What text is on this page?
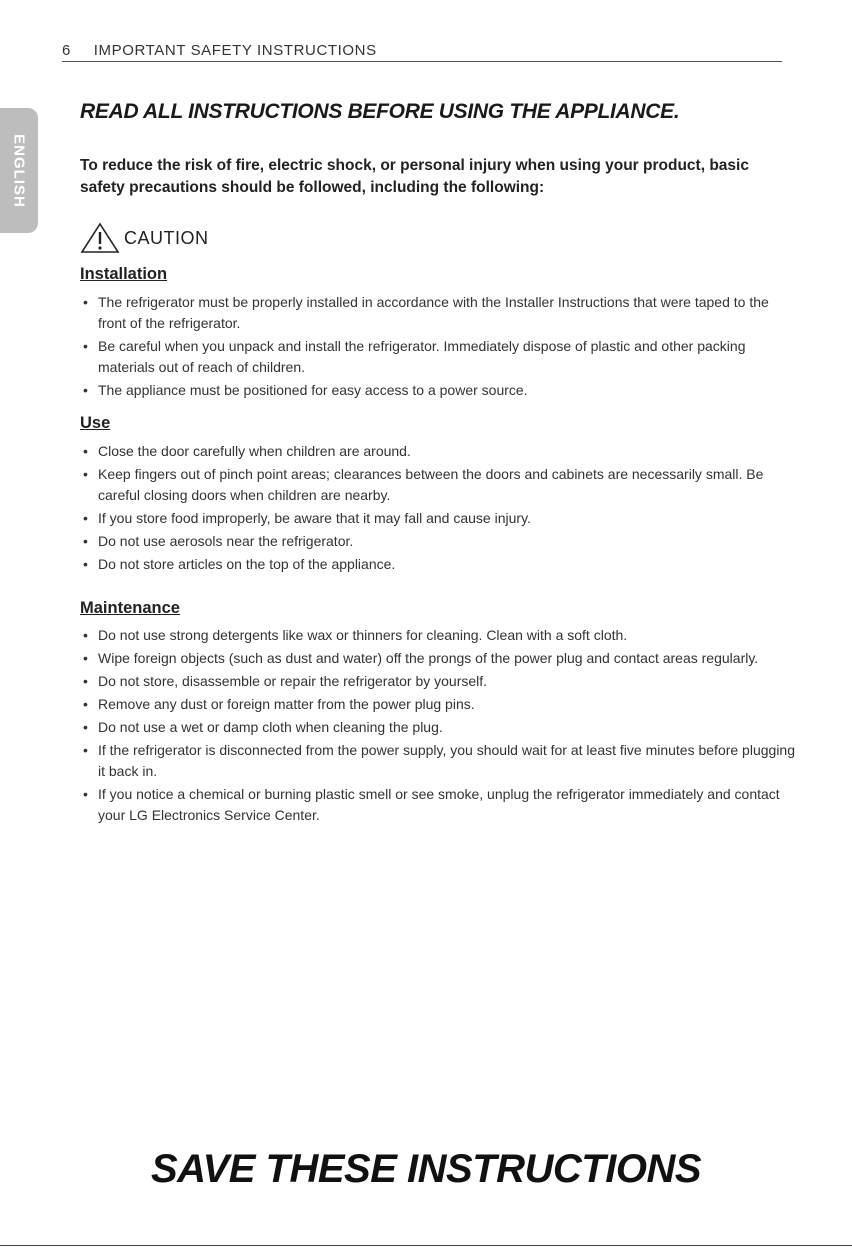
6 IMPORTANT SAFETY INSTRUCTIONS
ENGLISH
READ ALL INSTRUCTIONS BEFORE USING THE APPLIANCE.
To reduce the risk of fire, electric shock, or personal injury when using your product, basic safety precautions should be followed, including the following:
CAUTION
Installation
• The refrigerator must be properly installed in accordance with the Installer Instructions that were taped to the front of the refrigerator.
• Be careful when you unpack and install the refrigerator. Immediately dispose of plastic and other packing materials out of reach of children.
• The appliance must be positioned for easy access to a power source.
Use
• Close the door carefully when children are around.
• Keep fingers out of pinch point areas; clearances between the doors and cabinets are necessarily small. Be careful closing doors when children are nearby.
• If you store food improperly, be aware that it may fall and cause injury.
• Do not use aerosols near the refrigerator.
• Do not store articles on the top of the appliance.
Maintenance
• Do not use strong detergents like wax or thinners for cleaning. Clean with a soft cloth.
• Wipe foreign objects (such as dust and water) off the prongs of the power plug and contact areas regularly.
• Do not store, disassemble or repair the refrigerator by yourself.
• Remove any dust or foreign matter from the power plug pins.
• Do not use a wet or damp cloth when cleaning the plug.
• If the refrigerator is disconnected from the power supply, you should wait for at least five minutes before plugging it back in.
• If you notice a chemical or burning plastic smell or see smoke, unplug the refrigerator immediately and contact your LG Electronics Service Center.
SAVE THESE INSTRUCTIONS
